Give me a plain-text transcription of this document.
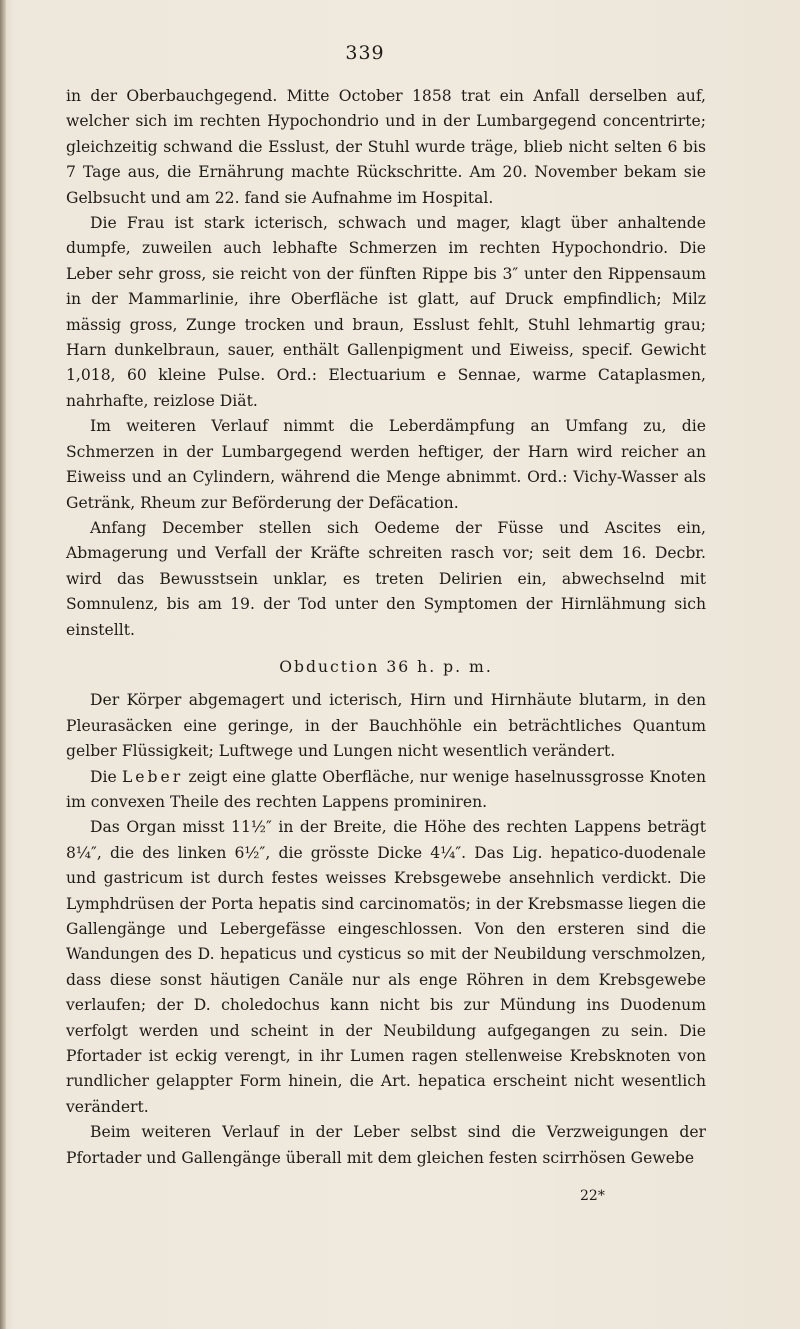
339

in der Oberbauchgegend. Mitte October 1858 trat ein Anfall derselben auf, welcher sich im rechten Hypochondrio und in der Lumbargegend concentrirte; gleichzeitig schwand die Esslust, der Stuhl wurde träge, blieb nicht selten 6 bis 7 Tage aus, die Ernährung machte Rückschritte. Am 20. November bekam sie Gelbsucht und am 22. fand sie Aufnahme im Hospital.

Die Frau ist stark icterisch, schwach und mager, klagt über anhaltende dumpfe, zuweilen auch lebhafte Schmerzen im rechten Hypochondrio. Die Leber sehr gross, sie reicht von der fünften Rippe bis 3″ unter den Rippensaum in der Mammarlinie, ihre Oberfläche ist glatt, auf Druck empfindlich; Milz mässig gross, Zunge trocken und braun, Esslust fehlt, Stuhl lehmartig grau; Harn dunkelbraun, sauer, enthält Gallenpigment und Eiweiss, specif. Gewicht 1,018, 60 kleine Pulse. Ord.: Electuarium e Sennae, warme Cataplasmen, nahrhafte, reizlose Diät.

Im weiteren Verlauf nimmt die Leberdämpfung an Umfang zu, die Schmerzen in der Lumbargegend werden heftiger, der Harn wird reicher an Eiweiss und an Cylindern, während die Menge abnimmt. Ord.: Vichy-Wasser als Getränk, Rheum zur Beförderung der Defäcation.

Anfang December stellen sich Oedeme der Füsse und Ascites ein, Abmagerung und Verfall der Kräfte schreiten rasch vor; seit dem 16. Decbr. wird das Bewusstsein unklar, es treten Delirien ein, abwechselnd mit Somnulenz, bis am 19. der Tod unter den Symptomen der Hirnlähmung sich einstellt.

Obduction 36 h. p. m.

Der Körper abgemagert und icterisch, Hirn und Hirnhäute blutarm, in den Pleurasäcken eine geringe, in der Bauchhöhle ein beträchtliches Quantum gelber Flüssigkeit; Luftwege und Lungen nicht wesentlich verändert.

Die Leber zeigt eine glatte Oberfläche, nur wenige haselnussgrosse Knoten im convexen Theile des rechten Lappens prominiren.

Das Organ misst 11½″ in der Breite, die Höhe des rechten Lappens beträgt 8¼″, die des linken 6½″, die grösste Dicke 4¼″. Das Lig. hepatico-duodenale und gastricum ist durch festes weisses Krebsgewebe ansehnlich verdickt. Die Lymphdrüsen der Porta hepatis sind carcinomatös; in der Krebsmasse liegen die Gallengänge und Lebergefässe eingeschlossen. Von den ersteren sind die Wandungen des D. hepaticus und cysticus so mit der Neubildung verschmolzen, dass diese sonst häutigen Canäle nur als enge Röhren in dem Krebsgewebe verlaufen; der D. choledochus kann nicht bis zur Mündung ins Duodenum verfolgt werden und scheint in der Neubildung aufgegangen zu sein. Die Pfortader ist eckig verengt, in ihr Lumen ragen stellenweise Krebsknoten von rundlicher gelappter Form hinein, die Art. hepatica erscheint nicht wesentlich verändert.

Beim weiteren Verlauf in der Leber selbst sind die Verzweigungen der Pfortader und Gallengänge überall mit dem gleichen festen scirrhösen Gewebe

22*
